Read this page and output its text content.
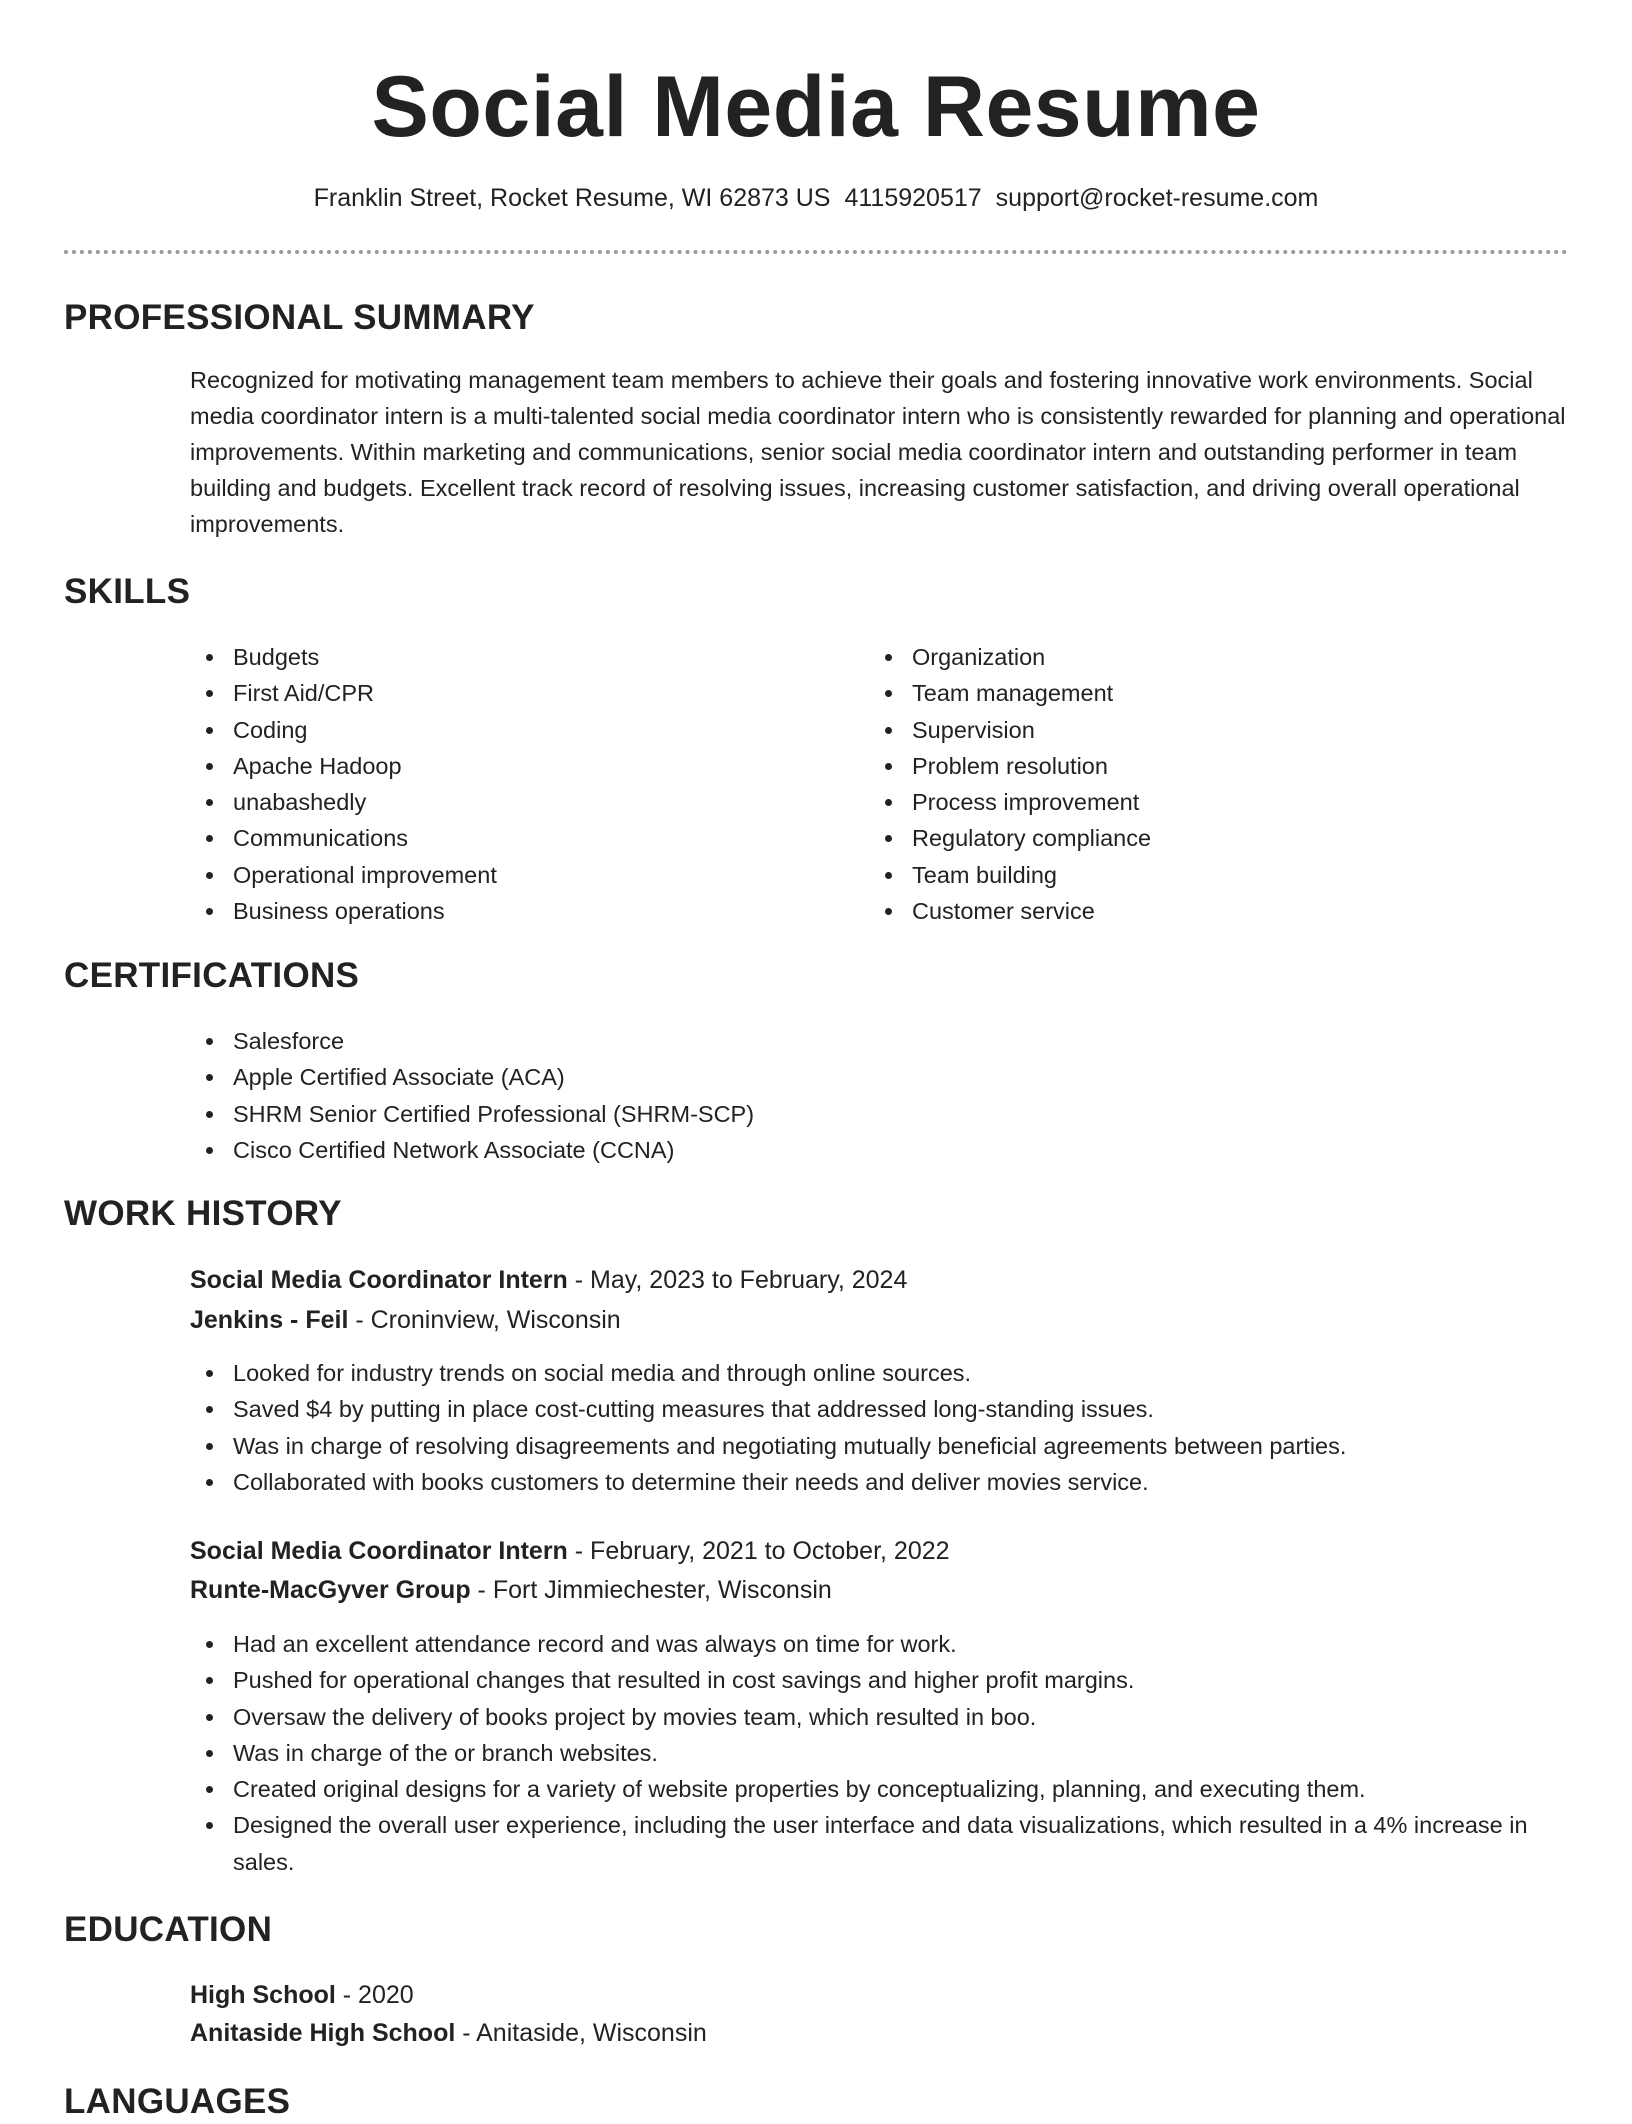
Social Media Resume
Franklin Street, Rocket Resume, WI 62873 US 4115920517 support@rocket-resume.com
PROFESSIONAL SUMMARY
Recognized for motivating management team members to achieve their goals and fostering innovative work environments. Social media coordinator intern is a multi-talented social media coordinator intern who is consistently rewarded for planning and operational improvements. Within marketing and communications, senior social media coordinator intern and outstanding performer in team building and budgets. Excellent track record of resolving issues, increasing customer satisfaction, and driving overall operational improvements.
SKILLS
Budgets
First Aid/CPR
Coding
Apache Hadoop
unabashedly
Communications
Operational improvement
Business operations
Organization
Team management
Supervision
Problem resolution
Process improvement
Regulatory compliance
Team building
Customer service
CERTIFICATIONS
Salesforce
Apple Certified Associate (ACA)
SHRM Senior Certified Professional (SHRM-SCP)
Cisco Certified Network Associate (CCNA)
WORK HISTORY
Social Media Coordinator Intern - May, 2023 to February, 2024
Jenkins - Feil - Croninview, Wisconsin
Looked for industry trends on social media and through online sources.
Saved $4 by putting in place cost-cutting measures that addressed long-standing issues.
Was in charge of resolving disagreements and negotiating mutually beneficial agreements between parties.
Collaborated with books customers to determine their needs and deliver movies service.
Social Media Coordinator Intern - February, 2021 to October, 2022
Runte-MacGyver Group - Fort Jimmiechester, Wisconsin
Had an excellent attendance record and was always on time for work.
Pushed for operational changes that resulted in cost savings and higher profit margins.
Oversaw the delivery of books project by movies team, which resulted in boo.
Was in charge of the or branch websites.
Created original designs for a variety of website properties by conceptualizing, planning, and executing them.
Designed the overall user experience, including the user interface and data visualizations, which resulted in a 4% increase in sales.
EDUCATION
High School - 2020
Anitaside High School - Anitaside, Wisconsin
LANGUAGES
